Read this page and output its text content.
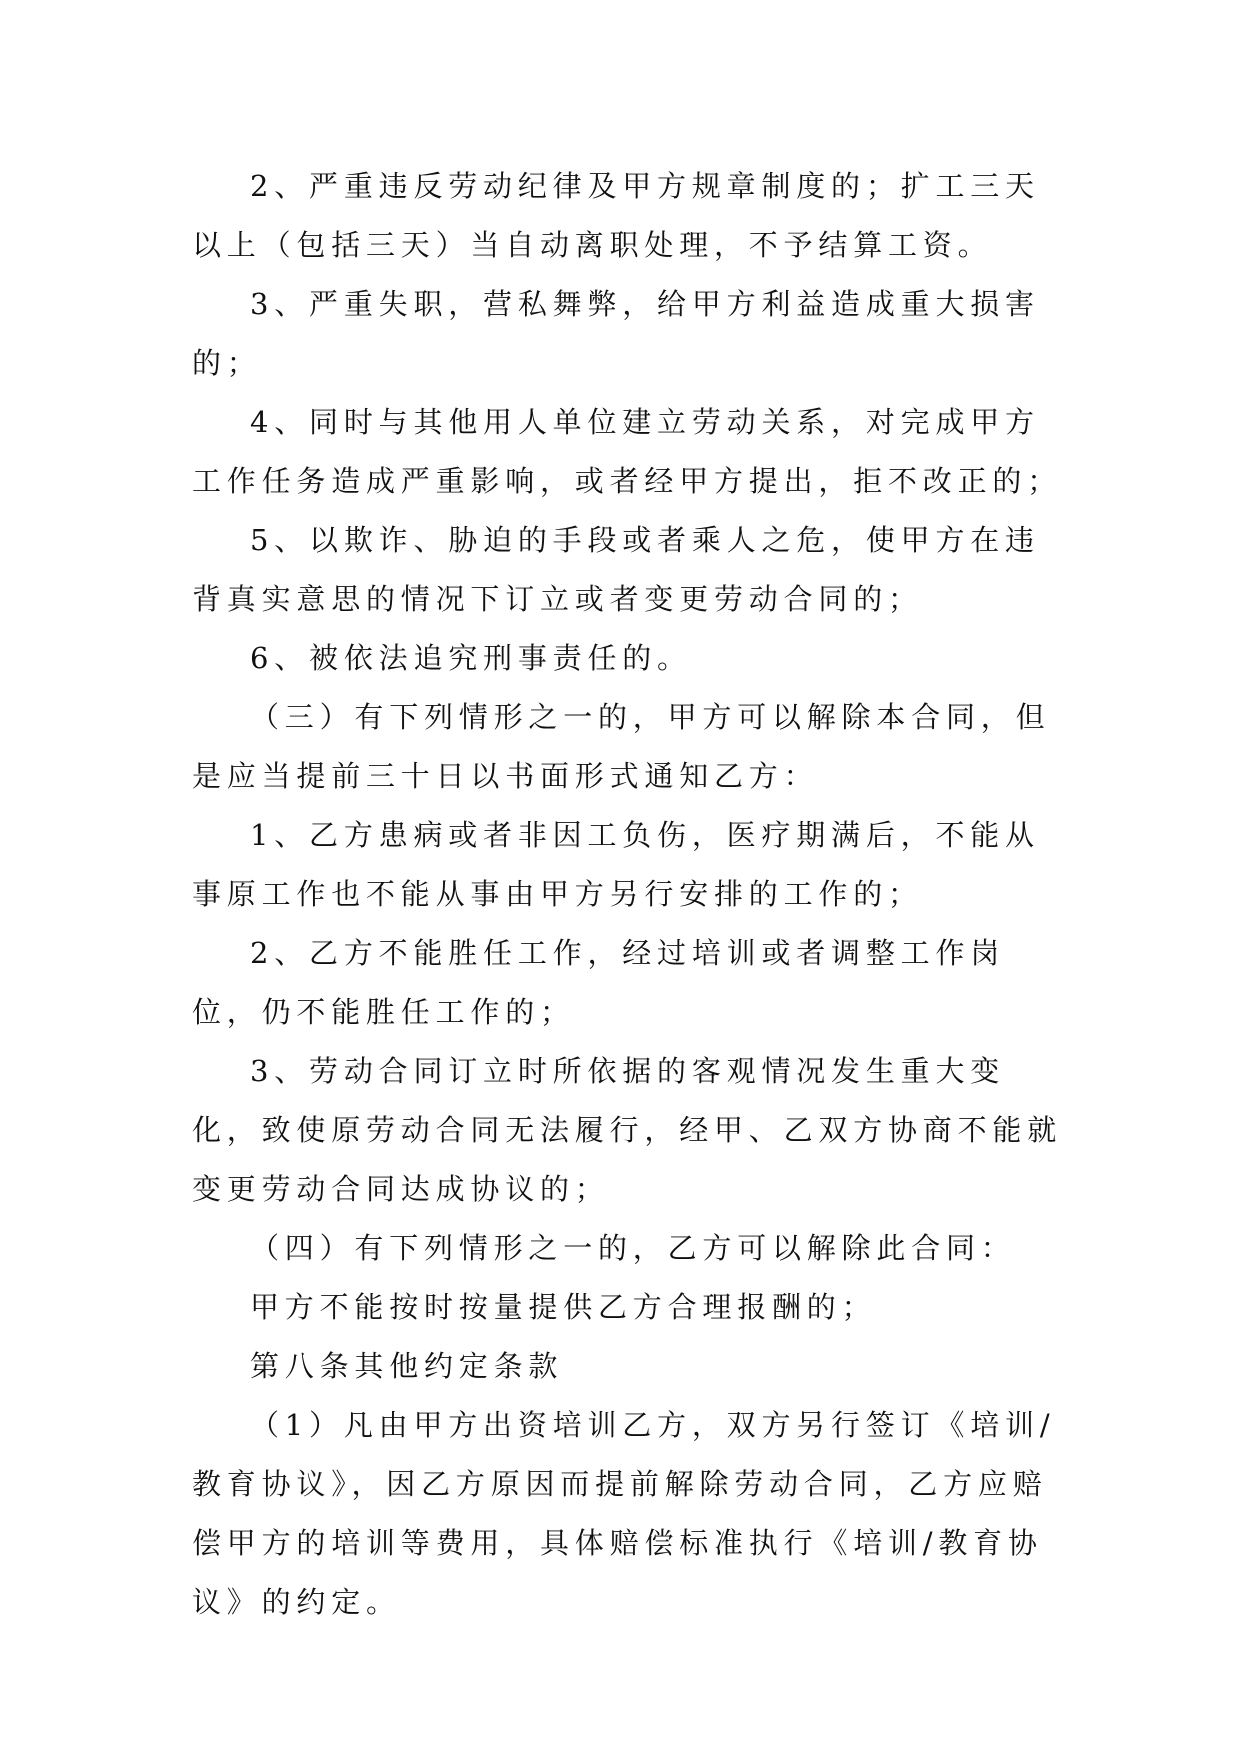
2、严重违反劳动纪律及甲方规章制度的；扩工三天以上（包括三天）当自动离职处理，不予结算工资。

3、严重失职，营私舞弊，给甲方利益造成重大损害的；

4、同时与其他用人单位建立劳动关系，对完成甲方工作任务造成严重影响，或者经甲方提出，拒不改正的；

5、以欺诈、胁迫的手段或者乘人之危，使甲方在违背真实意思的情况下订立或者变更劳动合同的；

6、被依法追究刑事责任的。

（三）有下列情形之一的，甲方可以解除本合同，但是应当提前三十日以书面形式通知乙方：

1、乙方患病或者非因工负伤，医疗期满后，不能从事原工作也不能从事由甲方另行安排的工作的；

2、乙方不能胜任工作，经过培训或者调整工作岗位，仍不能胜任工作的；

3、劳动合同订立时所依据的客观情况发生重大变化，致使原劳动合同无法履行，经甲、乙双方协商不能就变更劳动合同达成协议的；

（四）有下列情形之一的，乙方可以解除此合同：

甲方不能按时按量提供乙方合理报酬的；

第八条其他约定条款

（1）凡由甲方出资培训乙方，双方另行签订《培训/教育协议》，因乙方原因而提前解除劳动合同，乙方应赔偿甲方的培训等费用，具体赔偿标准执行《培训/教育协议》的约定。
